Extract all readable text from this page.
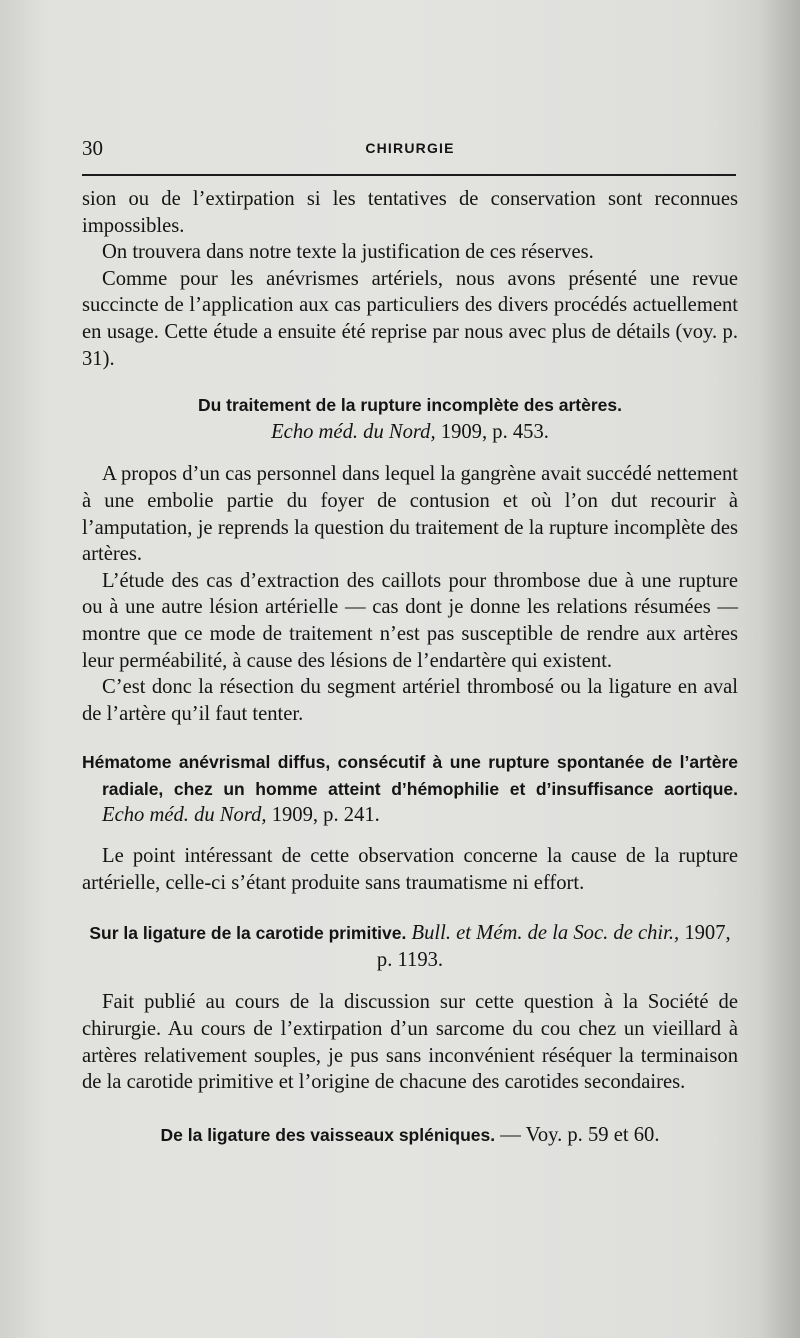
30	CHIRURGIE

sion ou de l’extirpation si les tentatives de conservation sont reconnues impossibles.

On trouvera dans notre texte la justification de ces réserves.

Comme pour les anévrismes artériels, nous avons présenté une revue succincte de l’application aux cas particuliers des divers procédés actuellement en usage. Cette étude a ensuite été reprise par nous avec plus de détails (voy. p. 31).

Du traitement de la rupture incomplète des artères.
Echo méd. du Nord, 1909, p. 453.

A propos d’un cas personnel dans lequel la gangrène avait succédé nettement à une embolie partie du foyer de contusion et où l’on dut recourir à l’amputation, je reprends la question du traitement de la rupture incomplète des artères.

L’étude des cas d’extraction des caillots pour thrombose due à une rupture ou à une autre lésion artérielle — cas dont je donne les relations résumées — montre que ce mode de traitement n’est pas susceptible de rendre aux artères leur perméabilité, à cause des lésions de l’endartère qui existent.

C’est donc la résection du segment artériel thrombosé ou la ligature en aval de l’artère qu’il faut tenter.

Hématome anévrismal diffus, consécutif à une rupture spontanée de l’artère radiale, chez un homme atteint d’hémophilie et d’insuffisance aortique. Echo méd. du Nord, 1909, p. 241.

Le point intéressant de cette observation concerne la cause de la rupture artérielle, celle-ci s’étant produite sans traumatisme ni effort.

Sur la ligature de la carotide primitive. Bull. et Mém. de la Soc. de chir., 1907, p. 1193.

Fait publié au cours de la discussion sur cette question à la Société de chirurgie. Au cours de l’extirpation d’un sarcome du cou chez un vieillard à artères relativement souples, je pus sans inconvénient réséquer la terminaison de la carotide primitive et l’origine de chacune des carotides secondaires.

De la ligature des vaisseaux spléniques. — Voy. p. 59 et 60.
